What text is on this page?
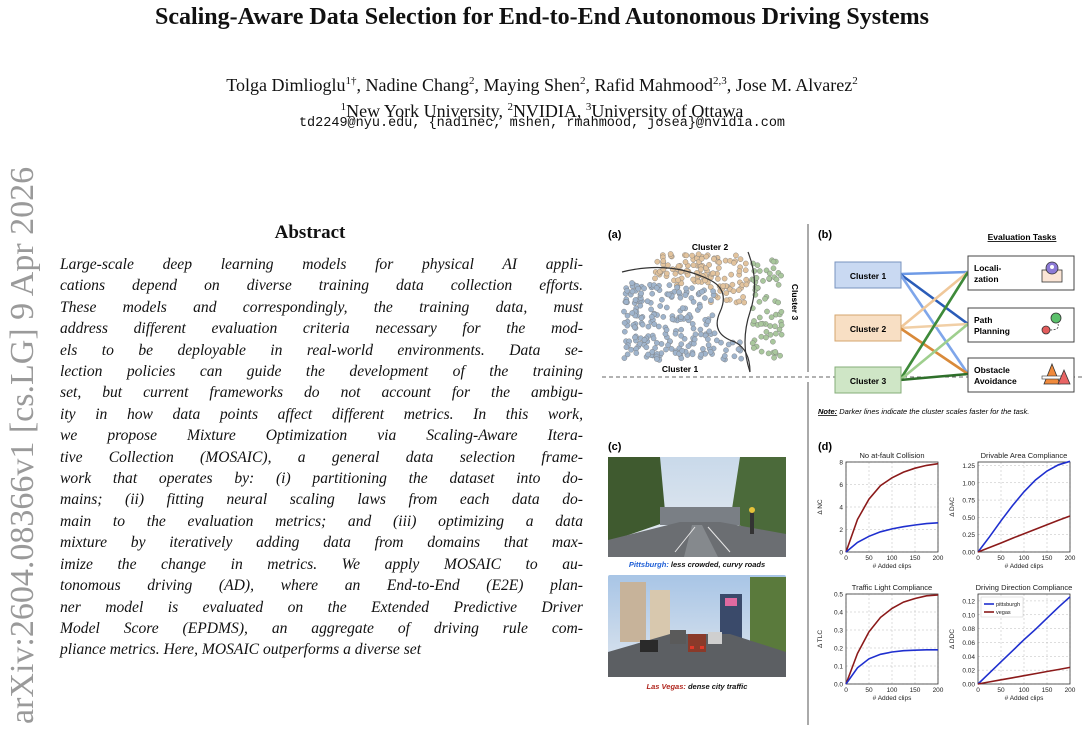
Scaling-Aware Data Selection for End-to-End Autonomous Driving Systems
Tolga Dimlioglu$^{1\dagger}$, Nadine Chang$^2$, Maying Shen$^2$, Rafid Mahmood$^{2,3}$, Jose M. Alvarez$^2$
$^1$New York University, $^2$NVIDIA, $^3$University of Ottawa
td2249@nyu.edu, {nadinec, mshen, rmahmood, josea}@nvidia.com
arXiv:2604.08366v1 [cs.LG] 9 Apr 2026	Abstract
Large-scale deep learning models for physical AI appli-
cations depend on diverse training data collection efforts.
These models and correspondingly, the training data, must
address different evaluation criteria necessary for the mod-
els to be deployable in real-world environments. Data se-
lection policies can guide the development of the training
set, but current frameworks do not account for the ambigu-
ity in how data points affect different metrics. In this work,
we propose Mixture Optimization via Scaling-Aware Itera-
tive Collection (MOSAIC), a general data selection frame-
work that operates by: (i) partitioning the dataset into do-
mains; (ii) fitting neural scaling laws from each data do-
main to the evaluation metrics; and (iii) optimizing a data
mixture by iteratively adding data from domains that max-
imize the change in metrics. We apply MOSAIC to au-
tonomous driving (AD), where an End-to-End (E2E) plan-
ner model is evaluated on the Extended Predictive Driver
Model Score (EPDMS), an aggregate of driving rule com-
pliance metrics. Here, MOSAIC outperforms a diverse set
(a)
Cluster 2
Cluster 1
Cluster 3
(b)	Evaluation Tasks
Cluster 1
Cluster 2
Cluster 3
Locali-
zation
Path
Planning
Obstacle
Avoidance
Note: Darker lines indicate the cluster scales faster for the task.
(c)
Pittsburgh: less crowded, curvy roads
Las Vegas: dense city traffic
(d)
No at-fault Collision
0
2
4
6
8
0	50 100 150 200
# Added clips
Δ NC
Drivable Area Compliance
0.00
0.25
0.50
0.75
1.00
1.25
0	50 100 150 200
# Added clips
Δ DAC
Traffic Light Compliance
0.0
0.1
0.2
0.3
0.4
0.5
0	50 100 150 200
# Added clips
Δ TLC
Driving Direction Compliance
0.00
0.02
0.04
0.06
0.08
0.10
0.12
0	50 100 150 200
# Added clips
Δ DDC
pittsburgh
vegas
